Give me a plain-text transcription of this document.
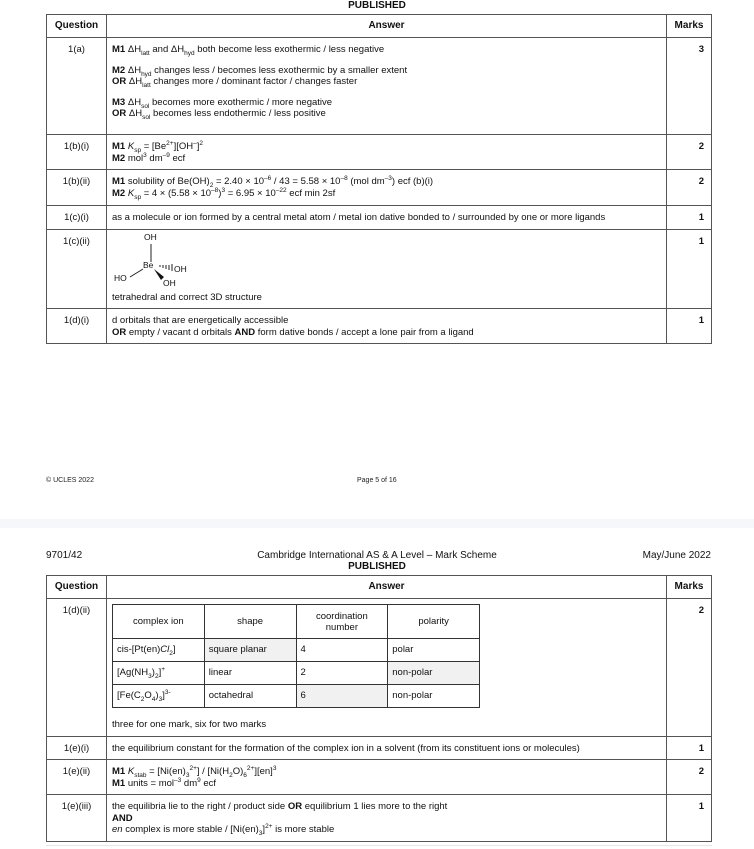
PUBLISHED
Question	Answer	Marks
1(a)	M1 $\Delta H_{latt}$ and $\Delta H_{hyd}$ both become less exothermic / less negative
M2 $\Delta H_{hyd}$ changes less / becomes less exothermic by a smaller extent
OR $\Delta H_{latt}$ changes more / dominant factor / changes faster
M3 $\Delta H_{sol}$ becomes more exothermic / more negative
OR $\Delta H_{sol}$ becomes less endothermic / less positive	3
1(b)(i)	M1 $K_{sp} = [Be^{2+}][OH^-]^2$
M2 mol$^3$ $dm^{-9}$ ecf	2
1(b)(ii)	M1 solubility of $Be(OH)_2 = 2.40 \times 10^{-6} / 43 = 5.58 \times 10^{-8}$ (mol $dm^{-3}$) ecf (b)(i)
M2 $K_{sp} = 4 \times (5.58 \times 10^{-8})^3 = 6.95 \times 10^{-22}$ ecf min 2sf	2
1(c)(i)	as a molecule or ion formed by a central metal atom / metal ion dative bonded to / surrounded by one or more ligands	1
1(c)(ii)	OH
Be OH
HO	OH
tetrahedral and correct 3D structure
	1
1(d)(i)	d orbitals that are energetically accessible
OR empty / vacant d orbitals AND form dative bonds / accept a lone pair from a ligand	1
© UCLES 2022	Page 5 of 16
9701/42	Cambridge International AS & A Level – Mark Scheme	May/June 2022
PUBLISHED
Question	Answer	Marks
1(d)(ii)	
complex ion	shape	coordination number	polarity
cis-$[Pt(en)Cl_2]$	square planar	4	polar
$[Ag(NH_3)_2]^+$	linear	2	non-polar
$[Fe(C_2O_4)_3]^{3-}$	octahedral	6	non-polar
three for one mark, six for two marks
	2
1(e)(i)	the equilibrium constant for the formation of the complex ion in a solvent (from its constituent ions or molecules)	1
1(e)(ii)	M1 $K_{stab} = [Ni(en)_3^{2+}] / [Ni(H_2O)_6^{2+}][en]^3$
M1 units = mol$^{-3}$ $dm^9$ ecf
	2
1(e)(iii)	the equilibria lie to the right / product side OR equilibrium 1 lies more to the right
AND
en complex is more stable / $[Ni(en)_3]^{2+}$ is more stable
	1
